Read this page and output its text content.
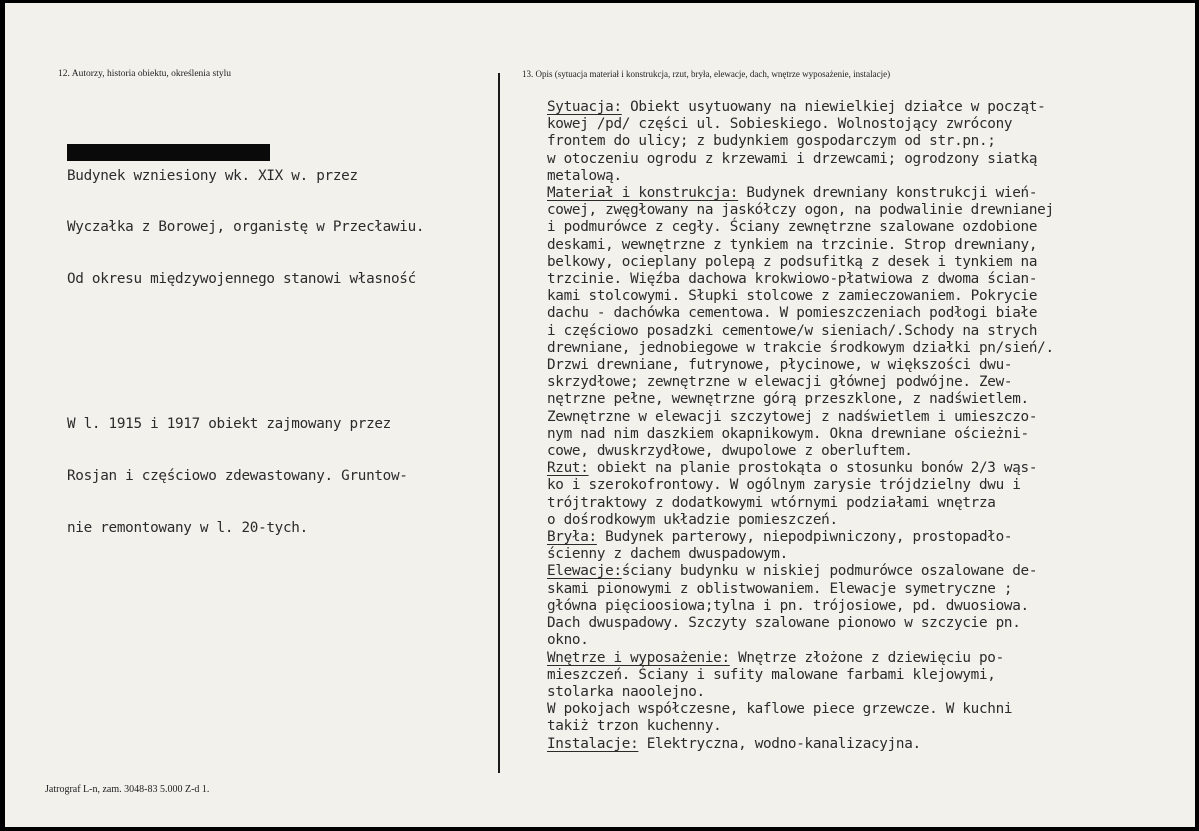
12. Autorzy, historia obiektu, określenia stylu	13. Opis (sytuacja materiał i konstrukcja, rzut, bryła, elewacje, dach, wnętrze wyposażenie, instalacje)

Budynek wzniesiony wk. XIX w. przez

Wyczałka z Borowej, organistę w Przecławiu.

Od okresu międzywojennego stanowi własność

W l. 1915 i 1917 obiekt zajmowany przez

Rosjan i częściowo zdewastowany. Gruntow-

nie remontowany w l. 20-tych.

Sytuacja: Obiekt usytuowany na niewielkiej działce w począt-
kowej /pd/ części ul. Sobieskiego. Wolnostojący zwrócony
frontem do ulicy; z budynkiem gospodarczym od str.pn.;
w otoczeniu ogrodu z krzewami i drzewcami; ogrodzony siatką
metalową.
Materiał i konstrukcja: Budynek drewniany konstrukcji wień-
cowej, zwęgłowany na jaskółczy ogon, na podwalinie drewnianej
i podmurówce z cegły. Ściany zewnętrzne szalowane ozdobione
deskami, wewnętrzne z tynkiem na trzcinie. Strop drewniany,
belkowy, ocieplany polepą z podsufitką z desek i tynkiem na
trzcinie. Więźba dachowa krokwiowo-płatwiowa z dwoma ścian-
kami stolcowymi. Słupki stolcowe z zamieczowaniem. Pokrycie
dachu - dachówka cementowa. W pomieszczeniach podłogi białe
i częściowo posadzki cementowe/w sieniach/.Schody na strych
drewniane, jednobiegowe w trakcie środkowym działki pn/sień/.
Drzwi drewniane, futrynowe, płycinowe, w większości dwu-
skrzydłowe; zewnętrzne w elewacji głównej podwójne. Zew-
nętrzne pełne, wewnętrzne górą przeszklone, z nadświetlem.
Zewnętrzne w elewacji szczytowej z nadświetlem i umieszczo-
nym nad nim daszkiem okapnikowym. Okna drewniane ościeżni-
cowe, dwuskrzydłowe, dwupolowe z oberluftem.
Rzut: obiekt na planie prostokąta o stosunku bonów 2/3 wąs-
ko i szerokofrontowy. W ogólnym zarysie trójdzielny dwu i
trójtraktowy z dodatkowymi wtórnymi podziałami wnętrza
o dośrodkowym układzie pomieszczeń.
Bryła: Budynek parterowy, niepodpiwniczony, prostopadło-
ścienny z dachem dwuspadowym.
Elewacje:ściany budynku w niskiej podmurówce oszalowane de-
skami pionowymi z oblistwowaniem. Elewacje symetryczne ;
główna pięcioosiowa;tylna i pn. trójosiowe, pd. dwuosiowa.
Dach dwuspadowy. Szczyty szalowane pionowo w szczycie pn.
okno.
Wnętrze i wyposażenie: Wnętrze złożone z dziewięciu po-
mieszczeń. Ściany i sufity malowane farbami klejowymi,
stolarka naoolejno.
W pokojach współczesne, kaflowe piece grzewcze. W kuchni
takiż trzon kuchenny.
Instalacje: Elektryczna, wodno-kanalizacyjna.
Jatrograf L-n, zam. 3048-83 5.000 Z-d 1.
